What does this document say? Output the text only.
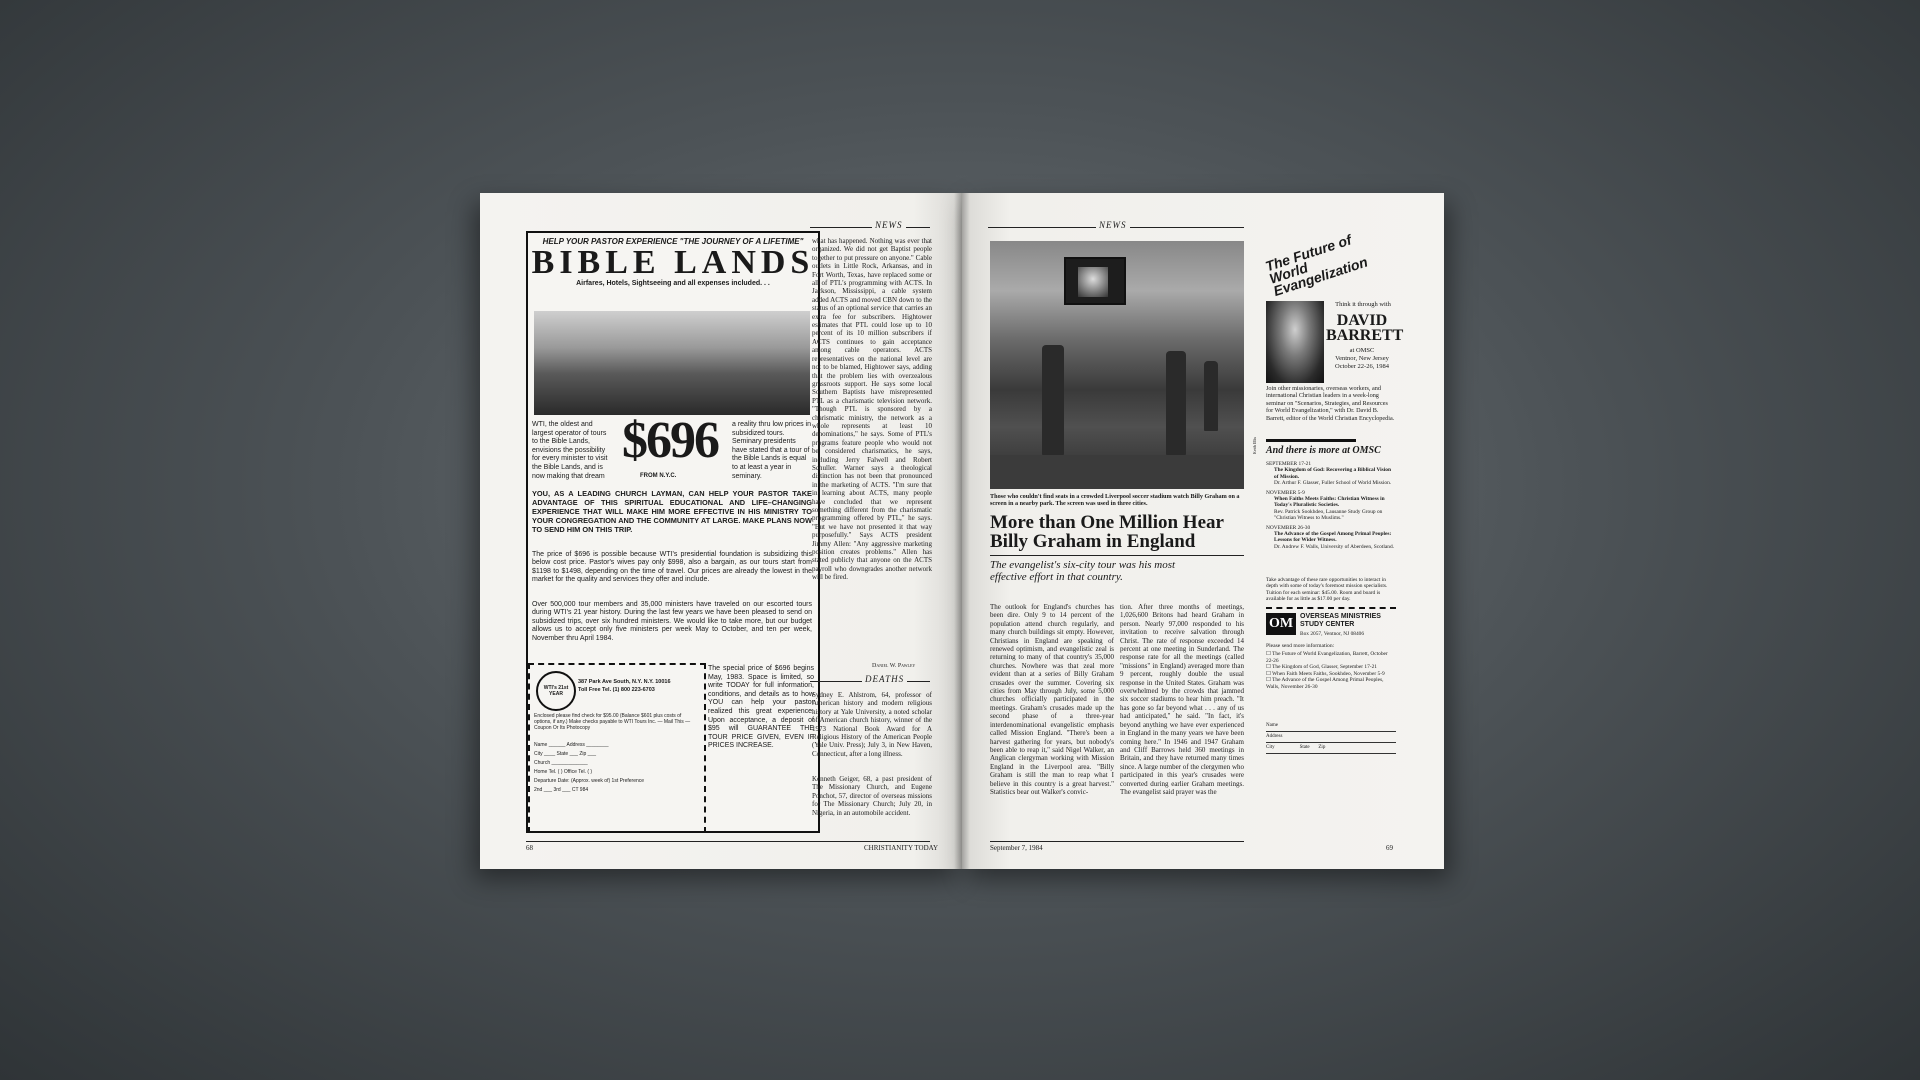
HELP YOUR PASTOR EXPERIENCE "THE JOURNEY OF A LIFETIME"
BIBLE LANDS
Airfares, Hotels, Sightseeing and all expenses included. . .
WTI, the oldest and largest operator of tours to the Bible Lands, envisions the possibility for every minister to visit the Bible Lands, and is now making that dream
$696
FROM N.Y.C.
a reality thru low prices in subsidized tours. Seminary presidents have stated that a tour of the Bible Lands is equal to at least a year in seminary.
YOU, AS A LEADING CHURCH LAYMAN, CAN HELP YOUR PASTOR TAKE ADVANTAGE OF THIS SPIRITUAL EDUCATIONAL AND LIFE–CHANGING EXPERIENCE THAT WILL MAKE HIM MORE EFFECTIVE IN HIS MINISTRY TO YOUR CONGREGATION AND THE COMMUNITY AT LARGE. MAKE PLANS NOW TO SEND HIM ON THIS TRIP.
The price of $696 is possible because WTI's presidential foundation is subsidizing this below cost price. Pastor's wives pay only $998, also a bargain, as our tours start from $1198 to $1498, depending on the time of travel. Our prices are already the lowest in the market for the quality and services they offer and include.
Over 500,000 tour members and 35,000 ministers have traveled on our escorted tours during WTI's 21 year history. During the last few years we have been pleased to send on subsidized trips, over six hundred ministers. We would like to take more, but our budget allows us to accept only five ministers per week May to October, and ten per week, November thru April 1984.
WTI's 21st YEAR
387 Park Ave South, N.Y. N.Y. 10016
Toll Free Tel. (1) 800 223-6703
Enclosed please find check for $95.00 (Balance $601 plus costs of options, if any.) Make checks payable to WTI Tours Inc. — Mail This — Coupon Or Its Photocopy
Name ______ Address ________
City ____ State ___ Zip ___
Church _____________
Home Tel. ( ) Office Tel. ( )
Departure Date: (Approx. week of) 1st Preference
2nd ___ 3rd ___ CT 984
The special price of $696 begins May, 1983. Space is limited, so write TODAY for full information, conditions, and details as to how YOU can help your pastor realized this great experience. Upon acceptance, a deposit of $95 will GUARANTEE THE TOUR PRICE GIVEN, EVEN IF PRICES INCREASE.
NEWS
what has happened. Nothing was ever that organized. We did not get Baptist people together to put pressure on anyone." Cable outlets in Little Rock, Arkansas, and in Fort Worth, Texas, have replaced some or all of PTL's programming with ACTS. In Jackson, Mississippi, a cable system added ACTS and moved CBN down to the status of an optional service that carries an extra fee for subscribers. Hightower estimates that PTL could lose up to 10 percent of its 10 million subscribers if ACTS continues to gain acceptance among cable operators. ACTS representatives on the national level are not to be blamed, Hightower says, adding that the problem lies with overzealous grassroots support. He says some local Southern Baptists have misrepresented PTL as a charismatic television network. "Though PTL is sponsored by a charismatic ministry, the network as a whole represents at least 10 denominations," he says. Some of PTL's programs feature people who would not be considered charismatics, he says, including Jerry Falwell and Robert Schuller. Warner says a theological distinction has not been that pronounced in the marketing of ACTS. "I'm sure that in learning about ACTS, many people have concluded that we represent something different from the charismatic programming offered by PTL," he says. "But we have not presented it that way purposefully." Says ACTS president Jimmy Allen: "Any aggressive marketing position creates problems." Allen has stated publicly that anyone on the ACTS payroll who downgrades another network will be fired.
Daniel W. Pawley
DEATHS
Sydney E. Ahlstrom, 64, professor of American history and modern religious history at Yale University, a noted scholar of American church history, winner of the 1973 National Book Award for A Religious History of the American People (Yale Univ. Press); July 3, in New Haven, Connecticut, after a long illness.
Kenneth Geiger, 68, a past president of The Missionary Church, and Eugene Ponchot, 57, director of overseas missions for The Missionary Church; July 20, in Nigeria, in an automobile accident.
68	CHRISTIANITY TODAY
NEWS
Keith Ellis
Those who couldn't find seats in a crowded Liverpool soccer stadium watch Billy Graham on a screen in a nearby park. The screen was used in three cities.
More than One Million Hear Billy Graham in England
The evangelist's six-city tour was his most effective effort in that country.
The outlook for England's churches has been dire. Only 9 to 14 percent of the population attend church regularly, and many church buildings sit empty. However, Christians in England are speaking of renewed optimism, and evangelistic zeal is returning to many of that country's 35,000 churches. Nowhere was that zeal more evident than at a series of Billy Graham crusades over the summer. Covering six cities from May through July, some 5,000 churches officially participated in the meetings. Graham's crusades made up the second phase of a three-year interdenominational evangelistic emphasis called Mission England. "There's been a harvest gathering for years, but nobody's been able to reap it," said Nigel Walker, an Anglican clergyman working with Mission England in the Liverpool area. "Billy Graham is still the man to reap what I believe in this country is a great harvest." Statistics bear out Walker's convic-
tion. After three months of meetings, 1,026,600 Britons had heard Graham in person. Nearly 97,000 responded to his invitation to receive salvation through Christ. The rate of response exceeded 14 percent at one meeting in Sunderland. The response rate for all the meetings (called "missions" in England) averaged more than 9 percent, roughly double the usual response in the United States. Graham was overwhelmed by the crowds that jammed six soccer stadiums to hear him preach. "It has gone so far beyond what . . . any of us had anticipated," he said. "In fact, it's beyond anything we have ever experienced in England in the many years we have been coming here." In 1946 and 1947 Graham and Cliff Barrows held 360 meetings in Britain, and they have returned many times since. A large number of the clergymen who participated in this year's crusades were converted during earlier Graham meetings. The evangelist said prayer was the
September 7, 1984
The Future of World Evangelization
Think it through with
DAVID BARRETT
at OMSC
Ventnor, New Jersey
October 22-26, 1984
Join other missionaries, overseas workers, and international Christian leaders in a week-long seminar on "Scenarios, Strategies, and Resources for World Evangelization," with Dr. David B. Barrett, editor of the World Christian Encyclopedia.
And there is more at OMSC
SEPTEMBER 17-21
The Kingdom of God: Recovering a Biblical Vision of Mission.
Dr. Arthur F. Glasser, Fuller School of World Mission.
NOVEMBER 5-9
When Faiths Meets Faiths: Christian Witness in Today's Pluralistic Societies.
Rev. Patrick Sookhdeo, Lausanne Study Group on "Christian Witness to Muslims."
NOVEMBER 26-30
The Advance of the Gospel Among Primal Peoples: Lessons for Wider Witness.
Dr. Andrew F. Walls, University of Aberdeen, Scotland.
Take advantage of these rare opportunities to interact in depth with some of today's foremost mission specialists. Tuition for each seminar: $45.00. Room and board is available for as little as $17.00 per day.
OM OVERSEAS MINISTRIES STUDY CENTER
Box 2057, Ventnor, NJ 08406
Please send more information:
☐ The Future of World Evangelization, Barrett, October 22-26
☐ The Kingdom of God, Glasser, September 17-21
☐ When Faith Meets Faiths, Sookhdeo, November 5-9
☐ The Advance of the Gospel Among Primal Peoples, Walls, November 26-30
Name
Address
City	State Zip
69
